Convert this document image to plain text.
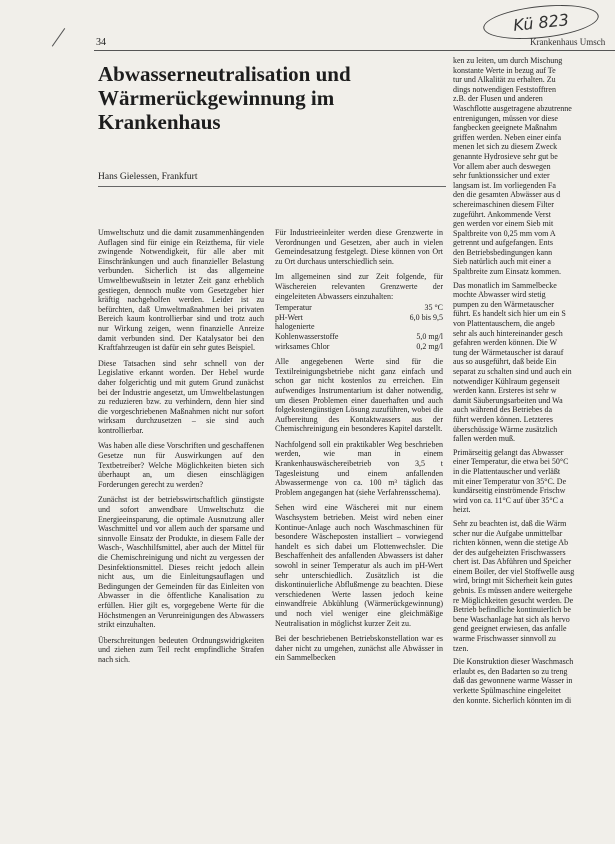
Kü 823
34	Krankenhaus Umsch
Abwasserneutralisation und
Wärmerückgewinnung im
Krankenhaus
Hans Gielessen, Frankfurt

Umweltschutz und die damit zusammenhängenden Auflagen sind für einige ein Reizthema, für viele zwingende Notwendigkeit, für alle aber mit Einschränkungen und auch finanzieller Belastung verbunden. Sicherlich ist das allgemeine Umweltbewußtsein in letzter Zeit ganz erheblich gestiegen, dennoch mußte vom Gesetzgeber hier kräftig nachgeholfen werden. Leider ist zu befürchten, daß Umweltmaßnahmen bei privaten Bereich kaum kontrollierbar sind und trotz auch nur Wirkung zeigen, wenn finanzielle Anreize damit verbunden sind. Der Katalysator bei den Kraftfahrzeugen ist dafür ein sehr gutes Beispiel.

Diese Tatsachen sind sehr schnell von der Legislative erkannt worden. Der Hebel wurde daher folgerichtig und mit gutem Grund zunächst bei der Industrie angesetzt, um Umweltbelastungen zu reduzieren bzw. zu verhindern, denn hier sind die vorgeschriebenen Maßnahmen nicht nur sofort wirksam durchzusetzen – sie sind auch kontrollierbar.

Was haben alle diese Vorschriften und geschaffenen Gesetze nun für Auswirkungen auf den Textbetreiber? Welche Möglichkeiten bieten sich überhaupt an, um diesen einschlägigen Forderungen gerecht zu werden?

Zunächst ist der betriebswirtschaftlich günstigste und sofort anwendbare Umweltschutz die Energieeinsparung, die optimale Ausnutzung aller Waschmittel und vor allem auch der sparsame und sinnvolle Einsatz der Produkte, in diesem Falle der Wasch-, Waschhilfsmittel, aber auch der Mittel für die Chemischreinigung und nicht zu vergessen der Desinfektionsmittel. Dieses reicht jedoch allein nicht aus, um die Einleitungsauflagen und Bedingungen der Gemeinden für das Einleiten von Abwasser in die öffentliche Kanalisation zu erfüllen. Hier gilt es, vorgegebene Werte für die Höchstmengen an Verunreinigungen des Abwassers strikt einzuhalten.

Überschreitungen bedeuten Ordnungswidrigkeiten und ziehen zum Teil recht empfindliche Strafen nach sich.

Für Industrieeinleiter werden diese Grenzwerte in Verordnungen und Gesetzen, aber auch in vielen Gemeindesatzung festgelegt. Diese können von Ort zu Ort durchaus unterschiedlich sein.

Im allgemeinen sind zur Zeit folgende, für Wäschereien relevanten Grenzwerte der eingeleiteten Abwassers einzuhalten:

Temperatur	35 °C
pH-Wert	6,0 bis 9,5
halogenierte
Kohlenwasserstoffe	5,0 mg/l
wirksames Chlor	0,2 mg/l

Alle angegebenen Werte sind für die Textilreinigungsbetriebe nicht ganz einfach und schon gar nicht kostenlos zu erreichen. Ein aufwendiges Instrumentarium ist daher notwendig, um diesen Problemen einer dauerhaften und auch folgekostengünstigen Lösung zuzuführen, wobei die Aufbereitung des Kontaktwassers aus der Chemischreinigung ein besonderes Kapitel darstellt.

Nachfolgend soll ein praktikabler Weg beschrieben werden, wie man in einem Krankenhauswäschereibetrieb von 3,5 t Tagesleistung und einem anfallenden Abwassermenge von ca. 100 m³ täglich das Problem angegangen hat (siehe Verfahrensschema).

Sehen wird eine Wäscherei mit nur einem Waschsystem betrieben. Meist wird neben einer Kontinue-Anlage auch noch Waschmaschinen für besondere Wäscheposten installiert – vorwiegend handelt es sich dabei um Flottenwechsler. Die Beschaffenheit des anfallenden Abwassers ist daher sowohl in seiner Temperatur als auch im pH-Wert sehr unterschiedlich. Zusätzlich ist die diskontinuierliche Abflußmenge zu beachten. Diese verschiedenen Werte lassen jedoch keine einwandfreie Abkühlung (Wärmerückgewinnung) und noch viel weniger eine gleichmäßige Neutralisation in möglichst kurzer Zeit zu.

Bei der beschriebenen Betriebskonstellation war es daher nicht zu umgehen, zunächst alle Abwässer in ein Sammelbecken

ken zu leiten, um durch Mischung
konstante Werte in bezug auf Te
tur und Alkalität zu erhalten. Zu
dings notwendigen Feststofftren
z.B. der Flusen und anderen
Waschflotte ausgetragene abzutrenne
entrenigungen, müssen vor diese
fangbecken geeignete Maßnahm
griffen werden. Neben einer einfa
menen let sich zu diesem Zweck
genannte Hydrosieve sehr gut be
Vor allem aber auch deswegen
sehr funktionssicher und exter
langsam ist. Im vorliegenden Fa
den die gesamten Abwässer aus d
schereimaschinen diesem Filter
zugeführt. Ankommende Verst
gen werden vor einem Sieb mit
Spaltbreite von 0,25 mm vom A
getrennt und aufgefangen. Ents
den Betriebsbedingungen kann
Sieb natürlich auch mit einer a
Spaltbreite zum Einsatz kommen.
Das monatlich im Sammelbecke
mochte Abwasser wird stetig
pumpen zu den Wärmetauscher
führt. Es handelt sich hier um ein S
von Plattentauschern, die angeb
sehr als auch hintereinander gesch
gefahren werden können. Die W
tung der Wärmetauscher ist darauf
aus so ausgeführt, daß beide Ein
separat zu schalten sind und auch ein
notwendiger Kühlraum gegenseit
werden kann. Ersteres ist sehr w
damit Säuberungsarbeiten und Wa
auch während des Betriebes da
führt werden können. Letzteres
überschüssige Wärme zusätzlich
fallen werden muß.
Primärseitig gelangt das Abwasser
einer Temperatur, die etwa bei 50°C
in die Plattentauscher und verläßt
mit einer Temperatur von 35°C. De
kundärseitig einströmende Frischw
wird von ca. 11°C auf über 35°C a
heizt.
Sehr zu beachten ist, daß die Wärm
scher nur die Aufgabe unmittelbar
richten können, wenn die stetige Ab
der des aufgeheizten Frischwassers
chert ist. Das Abführen und Speicher
einem Boiler, der viel Stoffwelle ausg
wird, bringt mit Sicherheit kein gutes
gebnis. Es müssen andere weitergehe
re Möglichkeiten gesucht werden. De
Betrieb befindliche kontinuierlich be
bene Waschanlage hat sich als hervo
gend geeignet erwiesen, das anfalle
warme Frischwasser sinnvoll zu
tzen.
Die Konstruktion dieser Waschmasch
erlaubt es, den Badarten so zu treng
daß das gewonnene warme Wasser in
verkette Spülmaschine eingeleitet
den konnte. Sicherlich könnten im di
